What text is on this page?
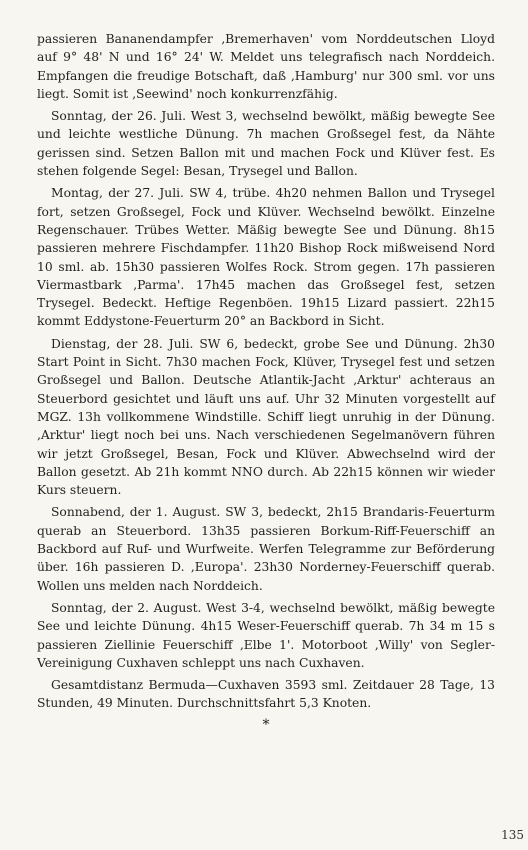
passieren Bananendampfer ‚Bremerhaven' vom Norddeutschen Lloyd auf 9° 48' N und 16° 24' W. Meldet uns telegrafisch nach Norddeich. Empfangen die freudige Botschaft, daß ‚Hamburg' nur 300 sml. vor uns liegt. Somit ist ‚Seewind' noch konkurrenzfähig.

Sonntag, der 26. Juli. West 3, wechselnd bewölkt, mäßig bewegte See und leichte westliche Dünung. 7h machen Großsegel fest, da Nähte gerissen sind. Setzen Ballon mit und machen Fock und Klüver fest. Es stehen folgende Segel: Besan, Trysegel und Ballon.

Montag, der 27. Juli. SW 4, trübe. 4h20 nehmen Ballon und Trysegel fort, setzen Großsegel, Fock und Klüver. Wechselnd bewölkt. Einzelne Regenschauer. Trübes Wetter. Mäßig bewegte See und Dünung. 8h15 passieren mehrere Fischdampfer. 11h20 Bishop Rock mißweisend Nord 10 sml. ab. 15h30 passieren Wolfes Rock. Strom gegen. 17h passieren Viermastbark ‚Parma'. 17h45 machen das Großsegel fest, setzen Trysegel. Bedeckt. Heftige Regenböen. 19h15 Lizard passiert. 22h15 kommt Eddystone-Feuerturm 20° an Backbord in Sicht.

Dienstag, der 28. Juli. SW 6, bedeckt, grobe See und Dünung. 2h30 Start Point in Sicht. 7h30 machen Fock, Klüver, Trysegel fest und setzen Großsegel und Ballon. Deutsche Atlantik-Jacht ‚Arktur' achteraus an Steuerbord gesichtet und läuft uns auf. Uhr 32 Minuten vorgestellt auf MGZ. 13h vollkommene Windstille. Schiff liegt unruhig in der Dünung. ‚Arktur' liegt noch bei uns. Nach verschiedenen Segelmanövern führen wir jetzt Großsegel, Besan, Fock und Klüver. Abwechselnd wird der Ballon gesetzt. Ab 21h kommt NNO durch. Ab 22h15 können wir wieder Kurs steuern.

Sonnabend, der 1. August. SW 3, bedeckt, 2h15 Brandaris-Feuerturm querab an Steuerbord. 13h35 passieren Borkum-Riff-Feuerschiff an Backbord auf Ruf- und Wurfweite. Werfen Telegramme zur Beförderung über. 16h passieren D. ‚Europa'. 23h30 Norderney-Feuerschiff querab. Wollen uns melden nach Norddeich.

Sonntag, der 2. August. West 3-4, wechselnd bewölkt, mäßig bewegte See und leichte Dünung. 4h15 Weser-Feuerschiff querab. 7h 34 m 15 s passieren Ziellinie Feuerschiff ‚Elbe 1'. Motorboot ‚Willy' von Segler-Vereinigung Cuxhaven schleppt uns nach Cuxhaven.

Gesamtdistanz Bermuda—Cuxhaven 3593 sml. Zeitdauer 28 Tage, 13 Stunden, 49 Minuten. Durchschnittsfahrt 5,3 Knoten.

*
135
